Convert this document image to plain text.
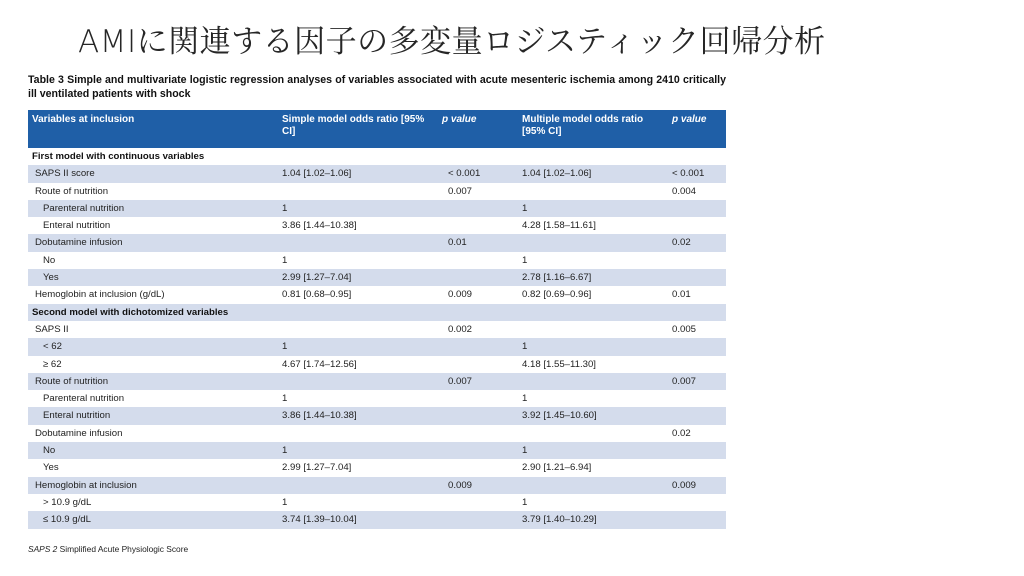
AMIに関連する因子の多変量ロジスティック回帰分析
Table 3 Simple and multivariate logistic regression analyses of variables associated with acute mesenteric ischemia among 2410 critically ill ventilated patients with shock
Variables at inclusion	Simple model odds ratio [95% CI]	p value	Multiple model odds ratio [95% CI]	p value
First model with continuous variables				
SAPS II score	1.04 [1.02–1.06]	< 0.001	1.04 [1.02–1.06]	< 0.001
Route of nutrition		0.007		0.004
Parenteral nutrition	1		1	
Enteral nutrition	3.86 [1.44–10.38]		4.28 [1.58–11.61]	
Dobutamine infusion		0.01		0.02
No	1		1	
Yes	2.99 [1.27–7.04]		2.78 [1.16–6.67]	
Hemoglobin at inclusion (g/dL)	0.81 [0.68–0.95]	0.009	0.82 [0.69–0.96]	0.01
Second model with dichotomized variables				
SAPS II		0.002		0.005
< 62	1		1	
≥ 62	4.67 [1.74–12.56]		4.18 [1.55–11.30]	
Route of nutrition		0.007		0.007
Parenteral nutrition	1		1	
Enteral nutrition	3.86 [1.44–10.38]		3.92 [1.45–10.60]	
Dobutamine infusion				0.02
No	1		1	
Yes	2.99 [1.27–7.04]		2.90 [1.21–6.94]	
Hemoglobin at inclusion		0.009		0.009
> 10.9 g/dL	1		1	
≤ 10.9 g/dL	3.74 [1.39–10.04]		3.79 [1.40–10.29]	
SAPS 2 Simplified Acute Physiologic Score
